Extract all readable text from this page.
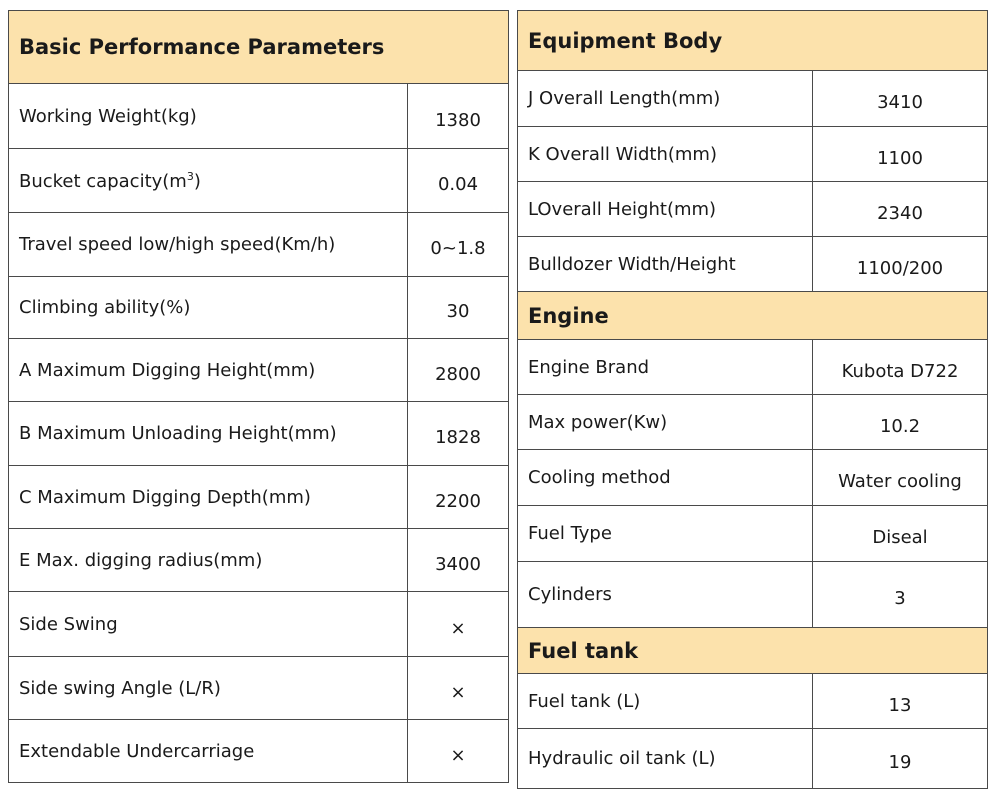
Basic Performance Parameters	
Working Weight(kg)	1380
Bucket $capacity(m^3)$	0.04
Travel speed low/high speed(Km/h)	0~1.8
Climbing ability(%)	30
A Maximum Digging Height(mm)	2800
B Maximum Unloading Height(mm)	1828
C Maximum Digging Depth(mm)	2200
E Max. digging radius(mm)	3400
Side Swing	×
Side swing Angle (L/R)	×
Extendable Undercarriage	×
Equipment Body	
J Overall Length(mm)	3410
K Overall Width(mm)	1100
LOverall Height(mm)	2340
Bulldozer Width/Height	1100/200
Engine	
Engine Brand	Kubota D722
Max power(Kw)	10.2
Cooling method	Water cooling
Fuel Type	Diseal
Cylinders	3
Fuel tank	
Fuel tank (L)	13
Hydraulic oil tank (L)	19
